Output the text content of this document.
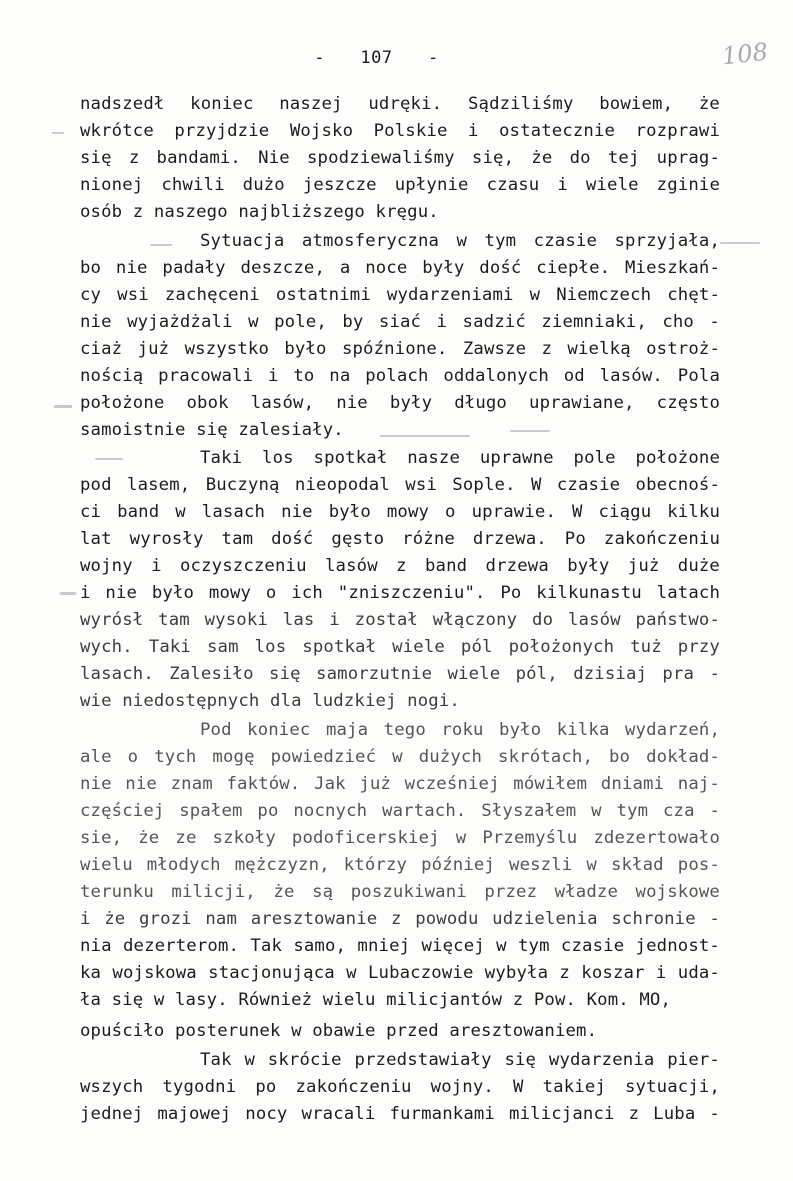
- 107 -	108
nadszedł koniec naszej udręki. Sądziliśmy bowiem, że
wkrótce przyjdzie Wojsko Polskie i ostatecznie rozprawi
się z bandami. Nie spodziewaliśmy się, że do tej uprag-
nionej chwili dużo jeszcze upłynie czasu i wiele zginie
osób z naszego najbliższego kręgu.
Sytuacja atmosferyczna w tym czasie sprzyjała,
bo nie padały deszcze, a noce były dość ciepłe. Mieszkań-
cy wsi zachęceni ostatnimi wydarzeniami w Niemczech chęt-
nie wyjażdżali w pole, by siać i sadzić ziemniaki, cho -
ciaż już wszystko było spóźnione. Zawsze z wielką ostroż-
nością pracowali i to na polach oddalonych od lasów. Pola
położone obok lasów, nie były długo uprawiane, często
samoistnie się zalesiały.
Taki los spotkał nasze uprawne pole położone
pod lasem, Buczyną nieopodal wsi Sople. W czasie obecnoś-
ci band w lasach nie było mowy o uprawie. W ciągu kilku
lat wyrosły tam dość gęsto różne drzewa. Po zakończeniu
wojny i oczyszczeniu lasów z band drzewa były już duże
i nie było mowy o ich "zniszczeniu". Po kilkunastu latach
wyrósł tam wysoki las i został włączony do lasów państwo-
wych. Taki sam los spotkał wiele pól położonych tuż przy
lasach. Zalesiło się samorzutnie wiele pól, dzisiaj pra -
wie niedostępnych dla ludzkiej nogi.
Pod koniec maja tego roku było kilka wydarzeń,
ale o tych mogę powiedzieć w dużych skrótach, bo dokład-
nie nie znam faktów. Jak już wcześniej mówiłem dniami naj-
częściej spałem po nocnych wartach. Słyszałem w tym cza -
sie, że ze szkoły podoficerskiej w Przemyślu zdezertowało
wielu młodych mężczyzn, którzy później weszli w skład pos-
terunku milicji, że są poszukiwani przez władze wojskowe
i że grozi nam aresztowanie z powodu udzielenia schronie -
nia dezerterom. Tak samo, mniej więcej w tym czasie jednost-
ka wojskowa stacjonująca w Lubaczowie wybyła z koszar i uda-
ła się w lasy. Również wielu milicjantów z Pow. Kom. MO,
opuściło posterunek w obawie przed aresztowaniem.
Tak w skrócie przedstawiały się wydarzenia pier-
wszych tygodni po zakończeniu wojny. W takiej sytuacji,
jednej majowej nocy wracali furmankami milicjanci z Luba -
